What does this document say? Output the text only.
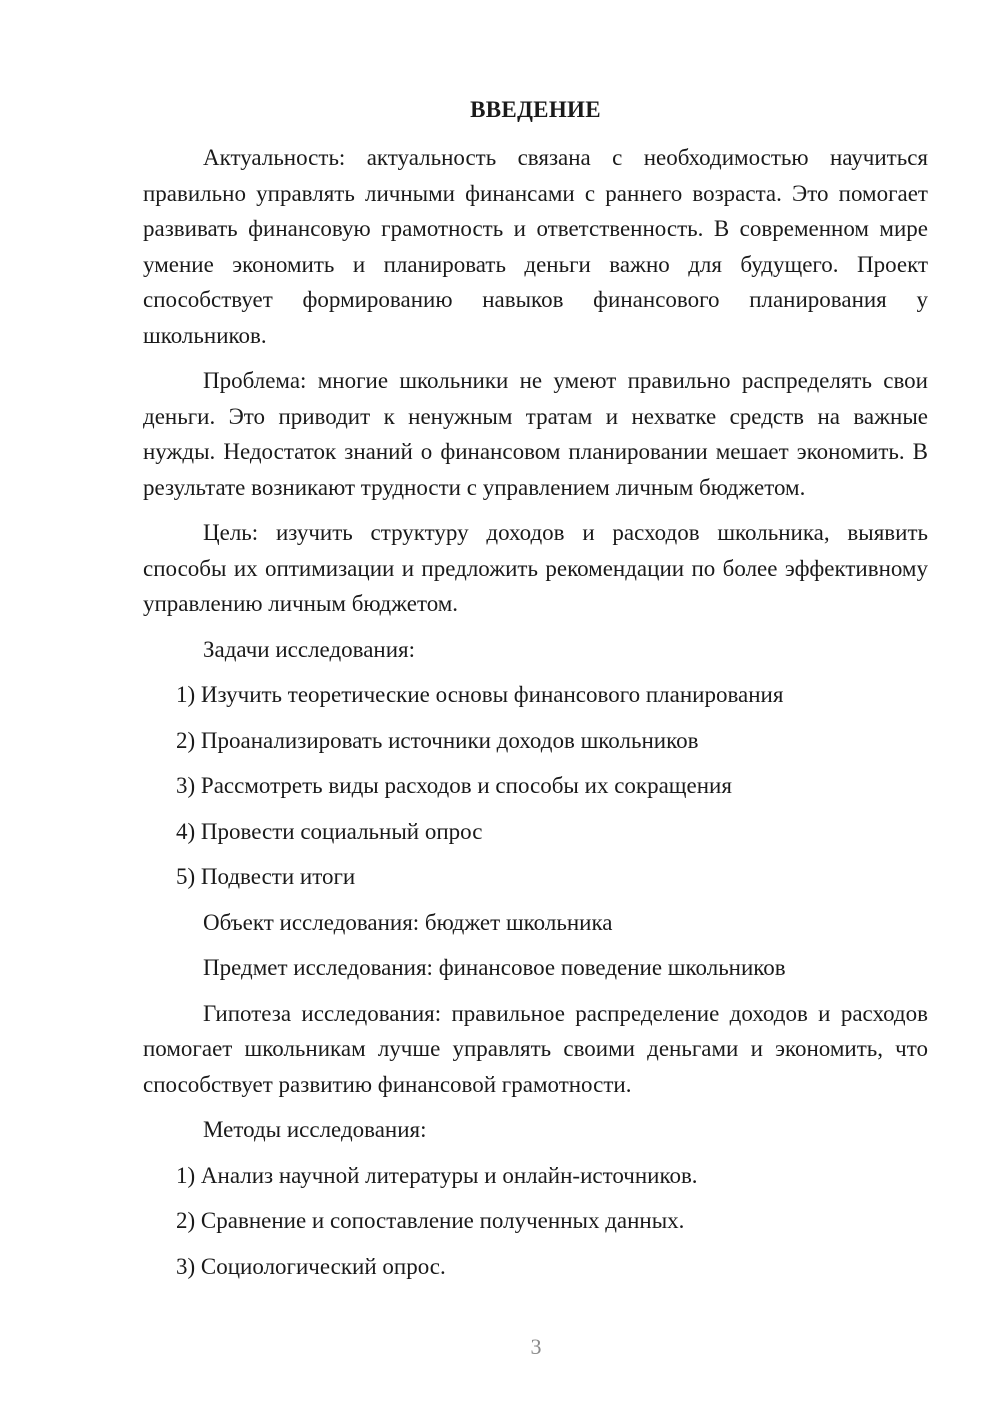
ВВЕДЕНИЕ

Актуальность: актуальность связана с необходимостью научиться правильно управлять личными финансами с раннего возраста. Это помогает развивать финансовую грамотность и ответственность. В современном мире умение экономить и планировать деньги важно для будущего. Проект способствует формированию навыков финансового планирования у школьников.

Проблема: многие школьники не умеют правильно распределять свои деньги. Это приводит к ненужным тратам и нехватке средств на важные нужды. Недостаток знаний о финансовом планировании мешает экономить. В результате возникают трудности с управлением личным бюджетом.

Цель: изучить структуру доходов и расходов школьника, выявить способы их оптимизации и предложить рекомендации по более эффективному управлению личным бюджетом.

Задачи исследования:
1) Изучить теоретические основы финансового планирования
2) Проанализировать источники доходов школьников
3) Рассмотреть виды расходов и способы их сокращения
4) Провести социальный опрос
5) Подвести итоги
Объект исследования: бюджет школьника
Предмет исследования: финансовое поведение школьников

Гипотеза исследования: правильное распределение доходов и расходов помогает школьникам лучше управлять своими деньгами и экономить, что способствует развитию финансовой грамотности.

Методы исследования:
1) Анализ научной литературы и онлайн-источников.
2) Сравнение и сопоставление полученных данных.
3) Социологический опрос.
3
